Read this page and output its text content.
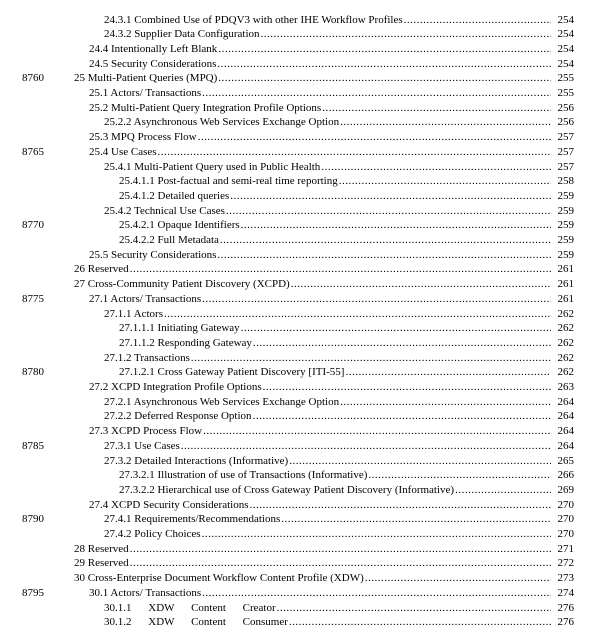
24.3.1 Combined Use of PDQV3 with other IHE Workflow Profiles .....	254
24.3.2 Supplier Data Configuration .....	254
24.4 Intentionally Left Blank .....	254
24.5 Security Considerations .....	254
8760	25 Multi-Patient Queries (MPQ) .....	255
25.1 Actors/ Transactions .....	255
25.2 Multi-Patient Query Integration Profile Options .....	256
25.2.2 Asynchronous Web Services Exchange Option .....	256
25.3 MPQ Process Flow .....	257
8765	25.4 Use Cases .....	257
25.4.1 Multi-Patient Query used in Public Health .....	257
25.4.1.1 Post-factual and semi-real time reporting .....	258
25.4.1.2 Detailed queries .....	259
25.4.2 Technical Use Cases .....	259
8770	25.4.2.1 Opaque Identifiers .....	259
25.4.2.2 Full Metadata .....	259
25.5 Security Considerations .....	259
26 Reserved .....	261
27 Cross-Community Patient Discovery (XCPD) .....	261
8775	27.1 Actors/ Transactions .....	261
27.1.1 Actors .....	262
27.1.1.1 Initiating Gateway .....	262
27.1.1.2 Responding Gateway .....	262
27.1.2 Transactions .....	262
8780	27.1.2.1 Cross Gateway Patient Discovery [ITI-55] .....	262
27.2 XCPD Integration Profile Options .....	263
27.2.1 Asynchronous Web Services Exchange Option .....	264
27.2.2 Deferred Response Option .....	264
27.3 XCPD Process Flow .....	264
8785	27.3.1 Use Cases .....	264
27.3.2 Detailed Interactions (Informative) .....	265
27.3.2.1 Illustration of use of Transactions (Informative) .....	266
27.3.2.2 Hierarchical use of Cross Gateway Patient Discovery (Informative) .....	269
27.4 XCPD Security Considerations .....	270
8790	27.4.1 Requirements/Recommendations .....	270
27.4.2 Policy Choices .....	270
28 Reserved .....	271
29 Reserved .....	272
30 Cross-Enterprise Document Workflow Content Profile (XDW) .....	273
8795	30.1 Actors/ Transactions .....	274
30.1.1 XDW Content Creator .....	276
30.1.2 XDW Content Consumer .....	276
